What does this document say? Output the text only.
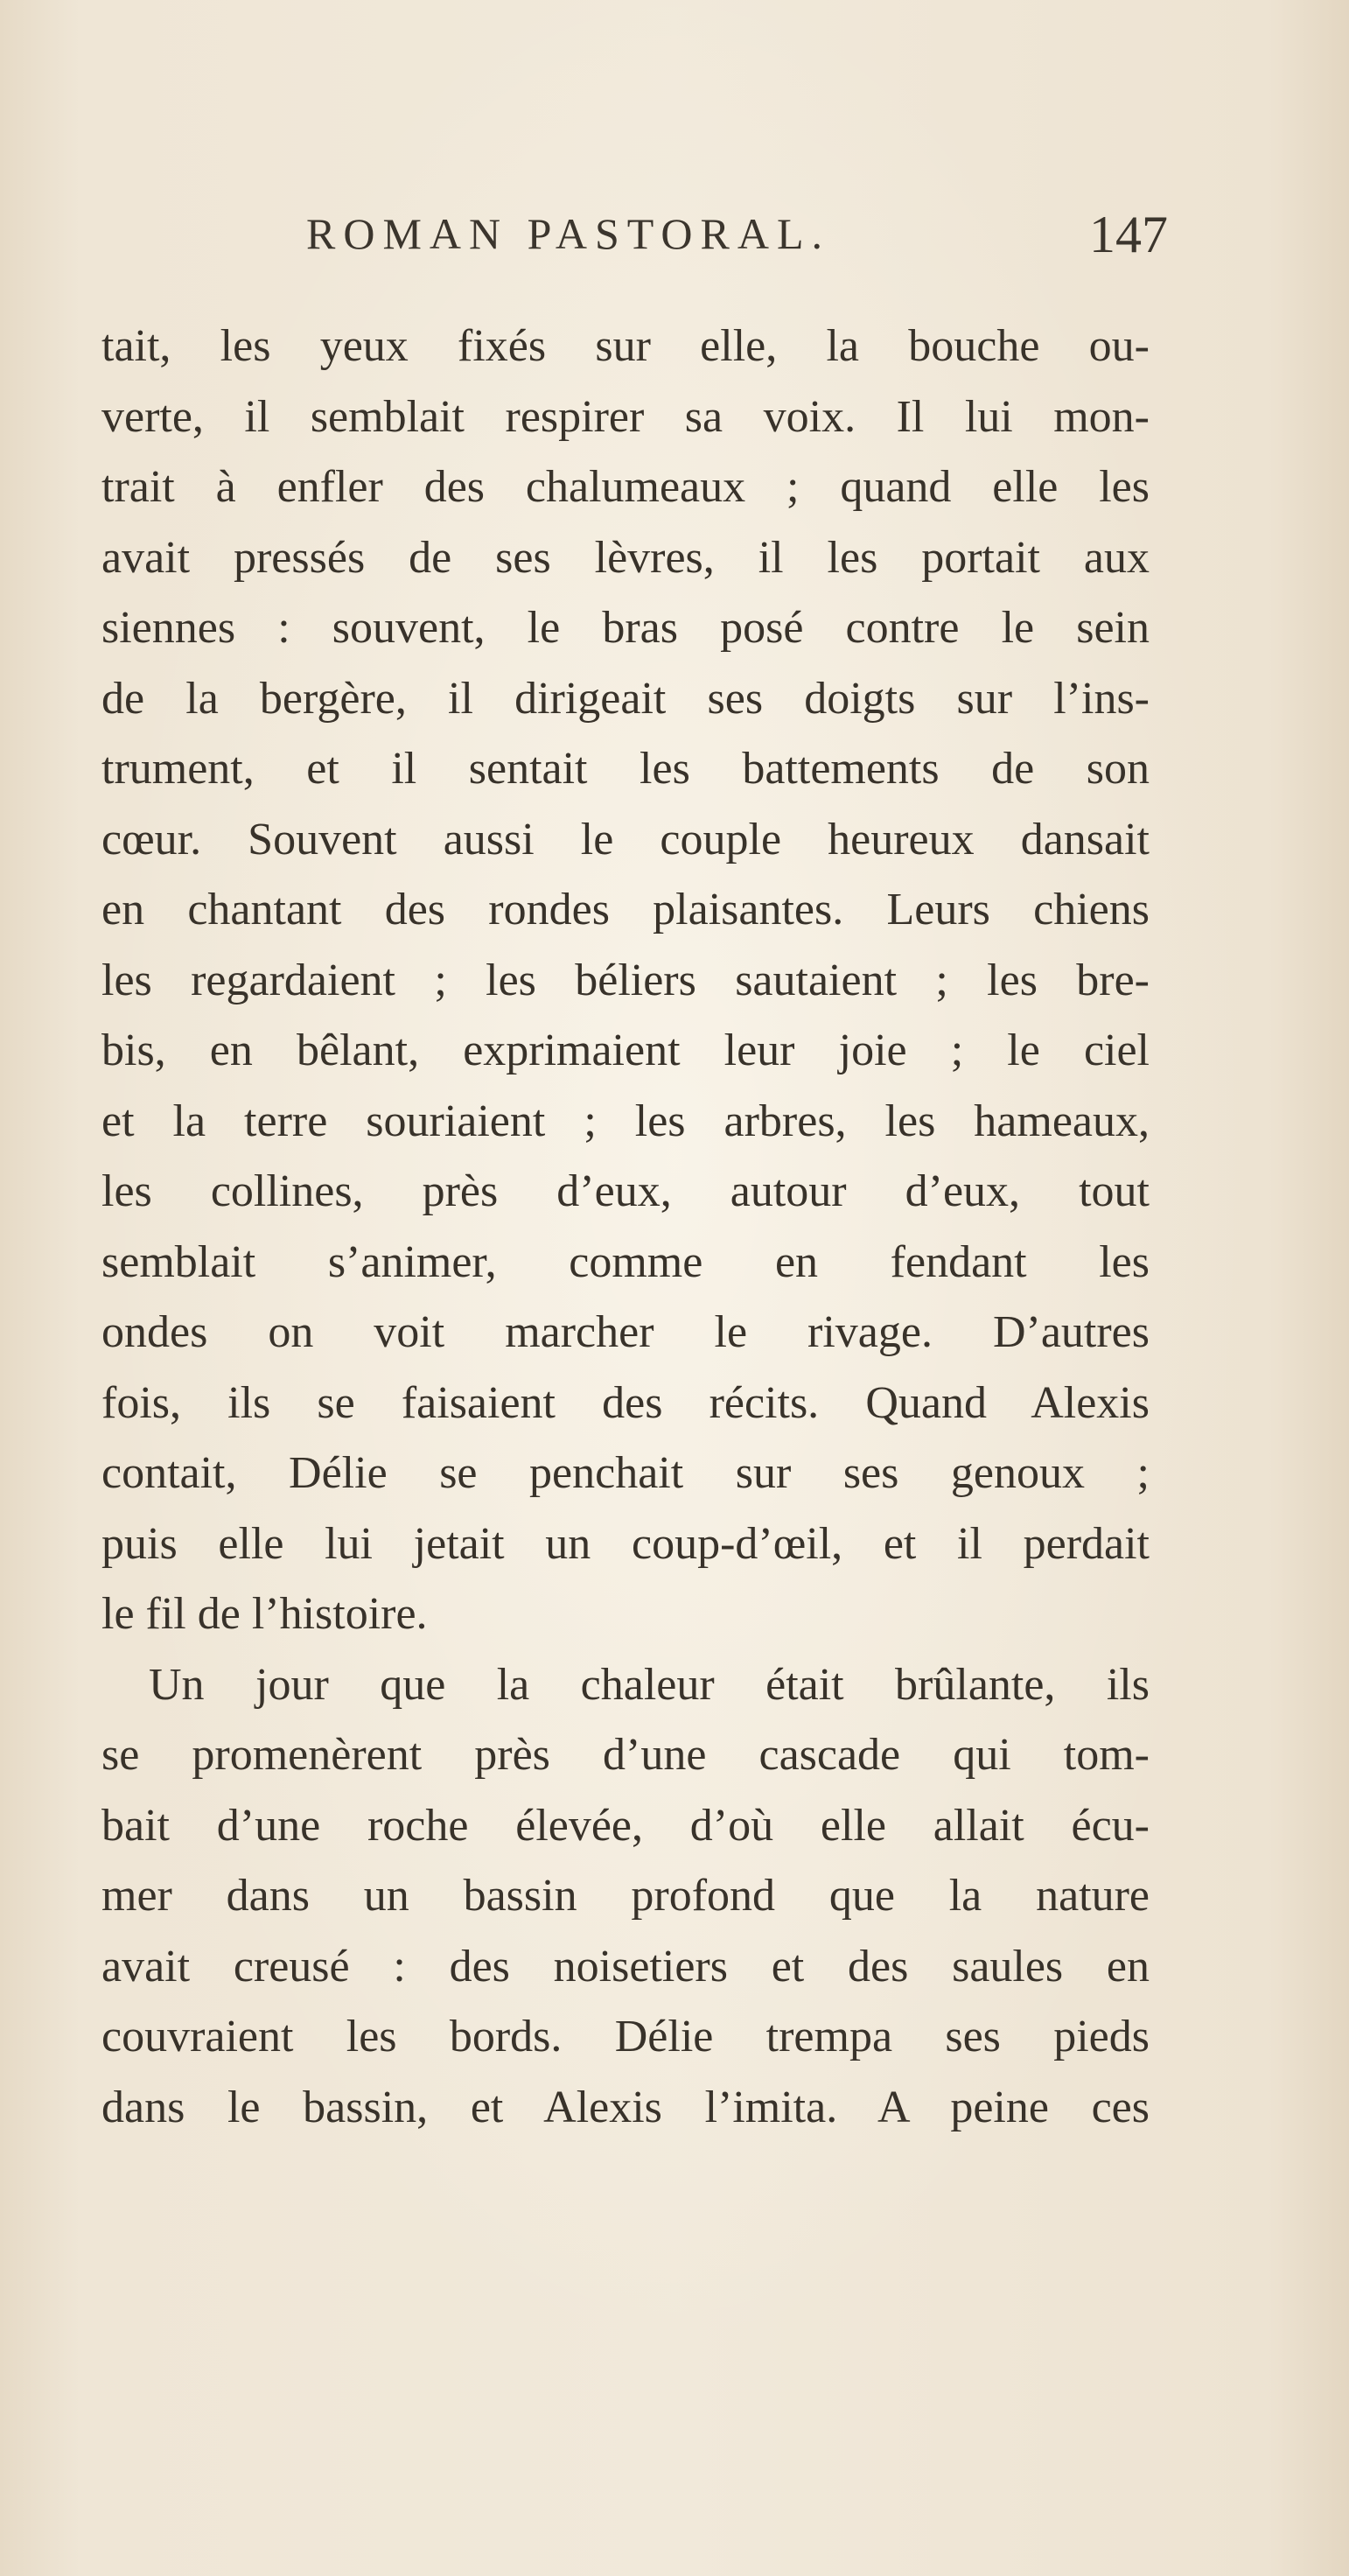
ROMAN PASTORAL.	147
tait, les yeux fixés sur elle, la bouche ou-
verte, il semblait respirer sa voix. Il lui mon-
trait à enfler des chalumeaux ; quand elle les
avait pressés de ses lèvres, il les portait aux
siennes : souvent, le bras posé contre le sein
de la bergère, il dirigeait ses doigts sur l’ins-
trument, et il sentait les battements de son
cœur. Souvent aussi le couple heureux dansait
en chantant des rondes plaisantes. Leurs chiens
les regardaient ; les béliers sautaient ; les bre-
bis, en bêlant, exprimaient leur joie ; le ciel
et la terre souriaient ; les arbres, les hameaux,
les collines, près d’eux, autour d’eux, tout
semblait s’animer, comme en fendant les
ondes on voit marcher le rivage. D’autres
fois, ils se faisaient des récits. Quand Alexis
contait, Délie se penchait sur ses genoux ;
puis elle lui jetait un coup-d’œil, et il perdait
le fil de l’histoire.
Un jour que la chaleur était brûlante, ils
se promenèrent près d’une cascade qui tom-
bait d’une roche élevée, d’où elle allait écu-
mer dans un bassin profond que la nature
avait creusé : des noisetiers et des saules en
couvraient les bords. Délie trempa ses pieds
dans le bassin, et Alexis l’imita. A peine ces
